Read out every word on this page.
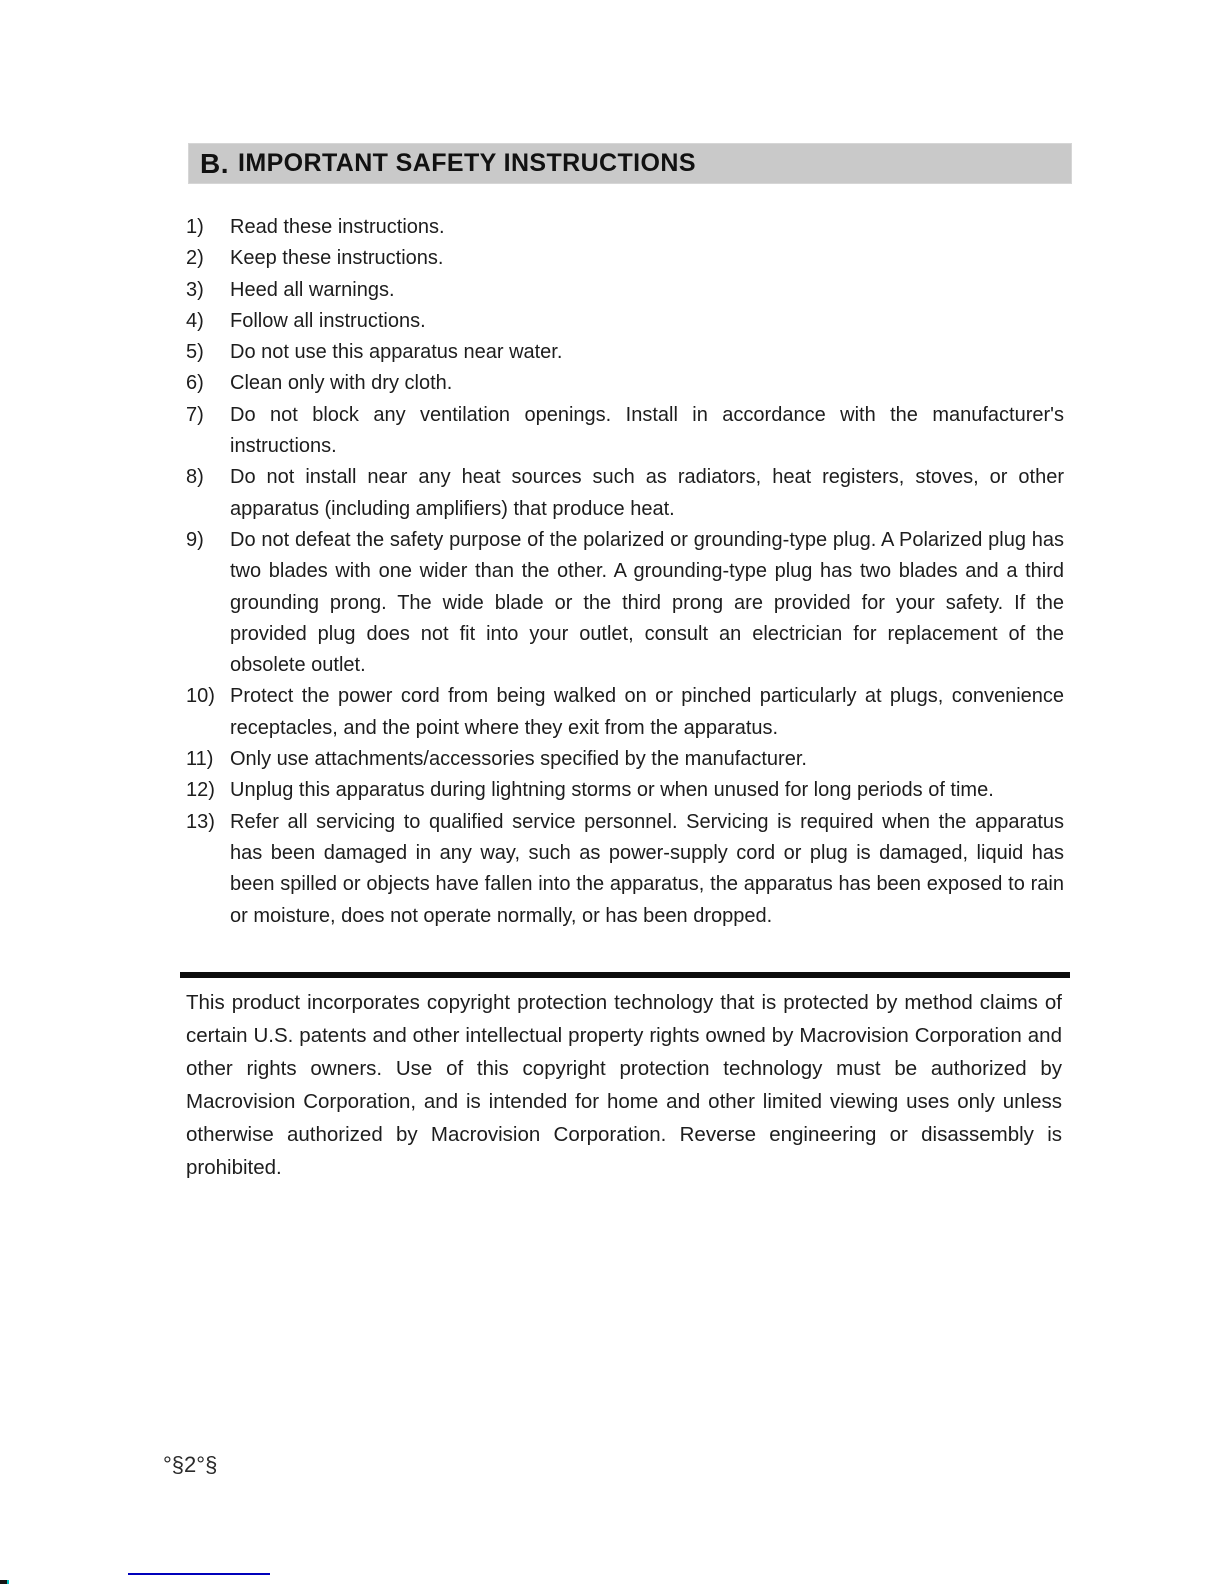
B. IMPORTANT SAFETY INSTRUCTIONS
1)	Read these instructions.
2)	Keep these instructions.
3)	Heed all warnings.
4)	Follow all instructions.
5)	Do not use this apparatus near water.
6)	Clean only with dry cloth.
7)	Do not block any ventilation openings. Install in accordance with the manufacturer's instructions.
8)	Do not install near any heat sources such as radiators, heat registers, stoves, or other apparatus (including amplifiers) that produce heat.
9)	Do not defeat the safety purpose of the polarized or grounding-type plug. A Polarized plug has two blades with one wider than the other. A grounding-type plug has two blades and a third grounding prong. The wide blade or the third prong are provided for your safety. If the provided plug does not fit into your outlet, consult an electrician for replacement of the obsolete outlet.
10) Protect the power cord from being walked on or pinched particularly at plugs, convenience receptacles, and the point where they exit from the apparatus.
11) Only use attachments/accessories specified by the manufacturer.
12) Unplug this apparatus during lightning storms or when unused for long periods of time.
13) Refer all servicing to qualified service personnel. Servicing is required when the apparatus has been damaged in any way, such as power-supply cord or plug is damaged, liquid has been spilled or objects have fallen into the apparatus, the apparatus has been exposed to rain or moisture, does not operate normally, or has been dropped.
This product incorporates copyright protection technology that is protected by method claims of certain U.S. patents and other intellectual property rights owned by Macrovision Corporation and other rights owners. Use of this copyright protection technology must be authorized by Macrovision Corporation, and is intended for home and other limited viewing uses only unless otherwise authorized by Macrovision Corporation. Reverse engineering or disassembly is prohibited.
°§2°§
